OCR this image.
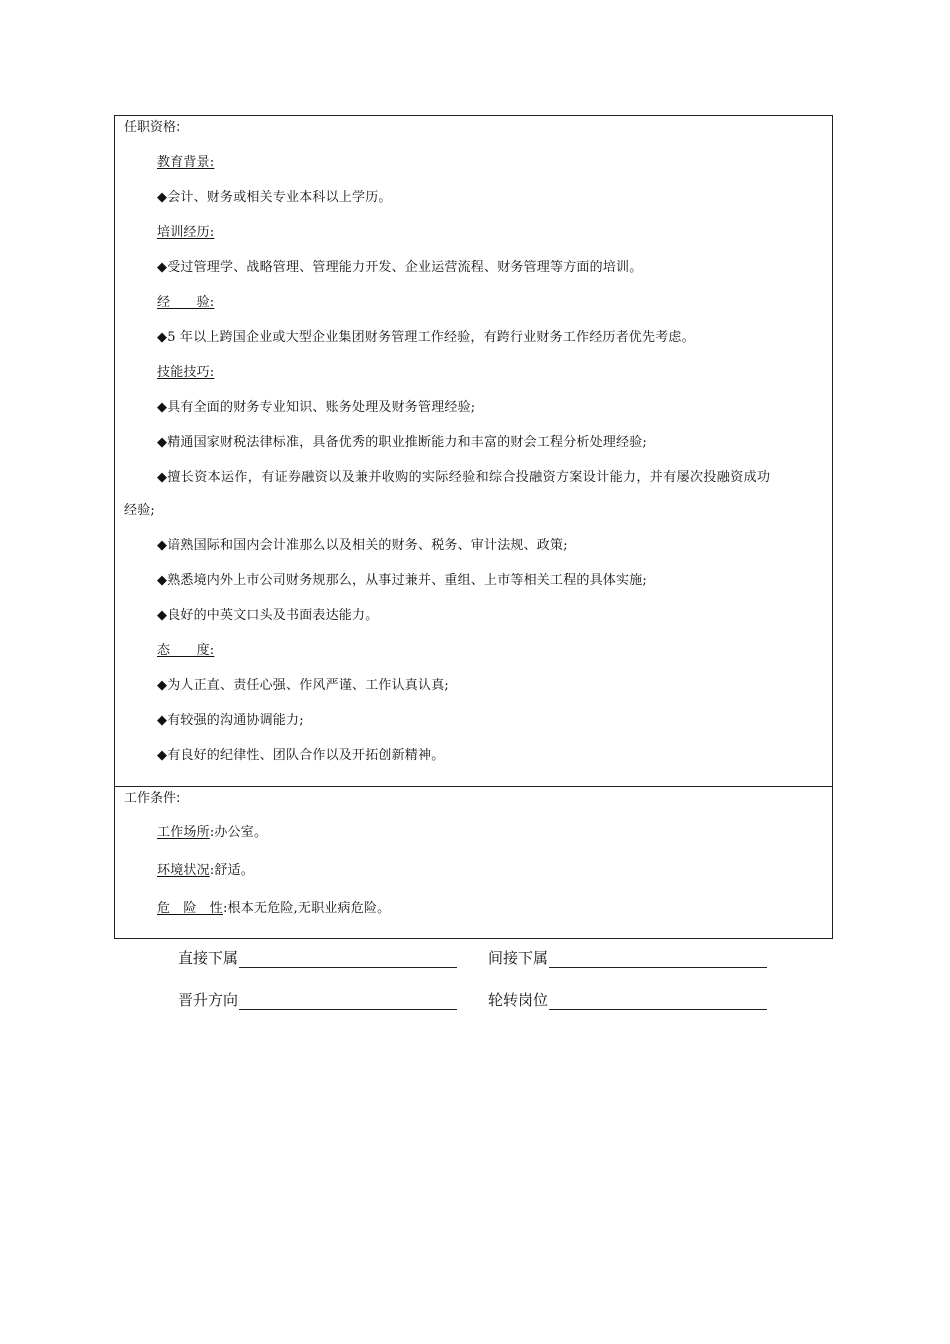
任职资格:
教育背景:
◆会计、财务或相关专业本科以上学历。
培训经历:
◆受过管理学、战略管理、管理能力开发、企业运营流程、财务管理等方面的培训。
经　　验:
◆5 年以上跨国企业或大型企业集团财务管理工作经验，有跨行业财务工作经历者优先考虑。
技能技巧:
◆具有全面的财务专业知识、账务处理及财务管理经验;
◆精通国家财税法律标准，具备优秀的职业推断能力和丰富的财会工程分析处理经验;
◆擅长资本运作，有证券融资以及兼并收购的实际经验和综合投融资方案设计能力，并有屡次投融资成功
经验;
◆谙熟国际和国内会计准那么以及相关的财务、税务、审计法规、政策;
◆熟悉境内外上市公司财务规那么，从事过兼并、重组、上市等相关工程的具体实施;
◆良好的中英文口头及书面表达能力。
态　　度:
◆为人正直、责任心强、作风严谨、工作认真认真;
◆有较强的沟通协调能力;
◆有良好的纪律性、团队合作以及开拓创新精神。
工作条件:
工作场所:办公室。
环境状况:舒适。
危　险　性:根本无危险,无职业病危险。
直接下属	间接下属
晋升方向	轮转岗位
